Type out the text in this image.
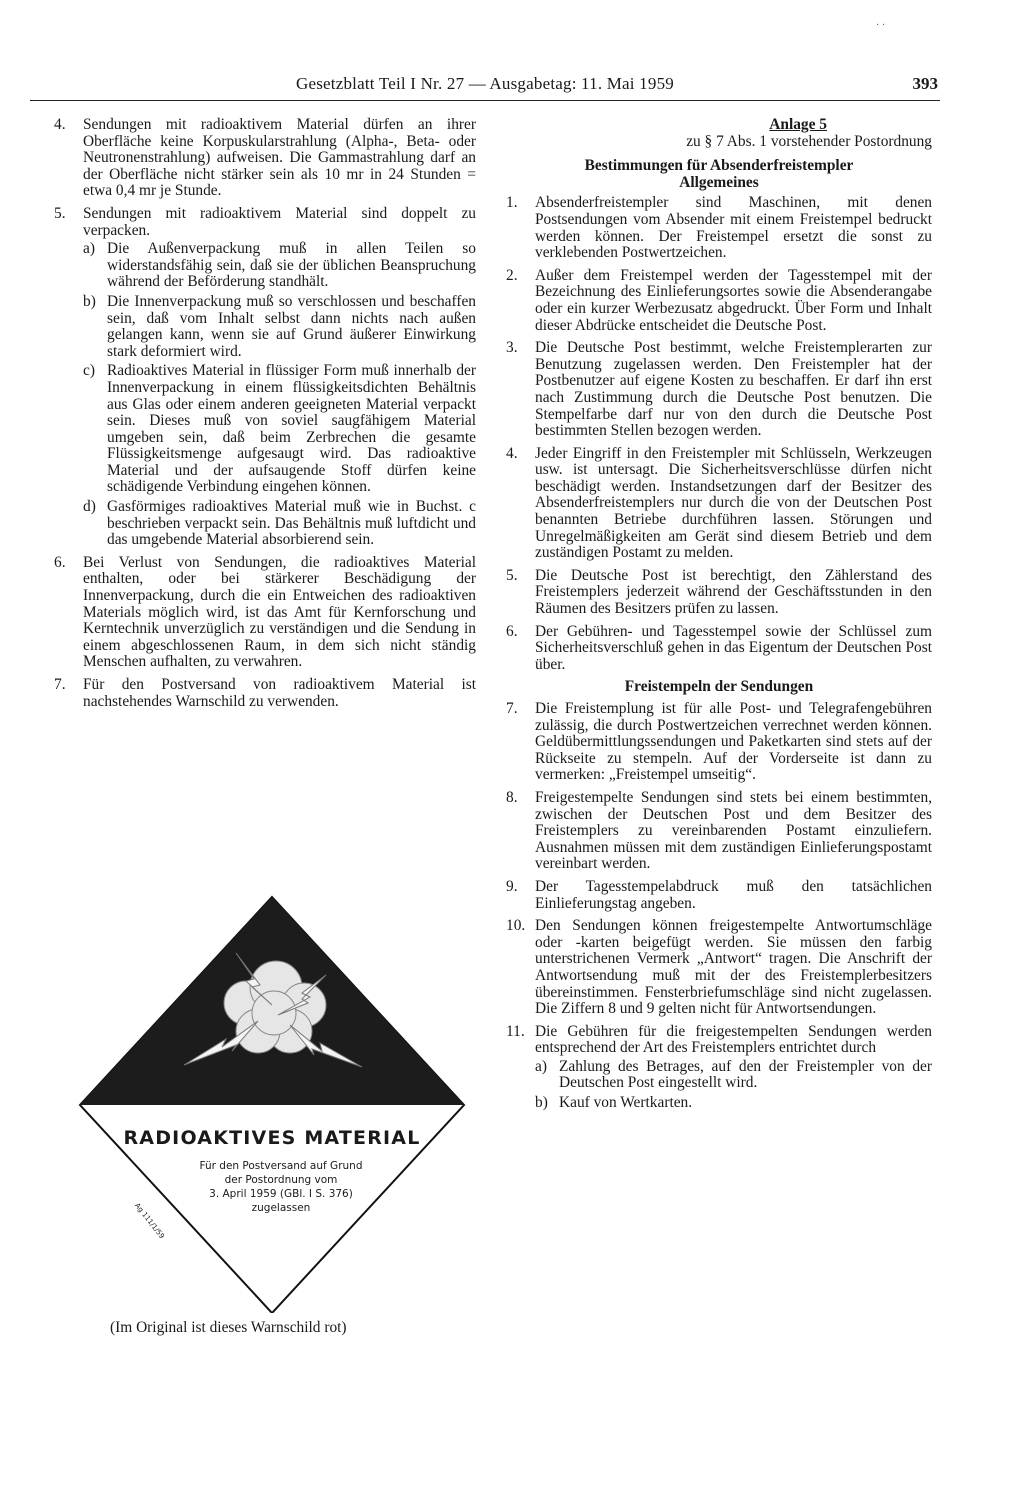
· ·
Gesetzblatt Teil I Nr. 27 — Ausgabetag: 11. Mai 1959	393
4. Sendungen mit radioaktivem Material dürfen an ihrer Oberfläche keine Korpuskularstrahlung (Alpha-, Beta- oder Neutronenstrahlung) aufweisen. Die Gammastrahlung darf an der Oberfläche nicht stärker sein als 10 mr in 24 Stunden = etwa 0,4 mr je Stunde.
5. Sendungen mit radioaktivem Material sind doppelt zu verpacken.
a) Die Außenverpackung muß in allen Teilen so widerstandsfähig sein, daß sie der üblichen Beanspruchung während der Beförderung standhält.
b) Die Innenverpackung muß so verschlossen und beschaffen sein, daß vom Inhalt selbst dann nichts nach außen gelangen kann, wenn sie auf Grund äußerer Einwirkung stark deformiert wird.
c) Radioaktives Material in flüssiger Form muß innerhalb der Innenverpackung in einem flüssigkeitsdichten Behältnis aus Glas oder einem anderen geeigneten Material verpackt sein. Dieses muß von soviel saugfähigem Material umgeben sein, daß beim Zerbrechen die gesamte Flüssigkeitsmenge aufgesaugt wird. Das radioaktive Material und der aufsaugende Stoff dürfen keine schädigende Verbindung eingehen können.
d) Gasförmiges radioaktives Material muß wie in Buchst. c beschrieben verpackt sein. Das Behältnis muß luftdicht und das umgebende Material absorbierend sein.
6. Bei Verlust von Sendungen, die radioaktives Material enthalten, oder bei stärkerer Beschädigung der Innenverpackung, durch die ein Entweichen des radioaktiven Materials möglich wird, ist das Amt für Kernforschung und Kerntechnik unverzüglich zu verständigen und die Sendung in einem abgeschlossenen Raum, in dem sich nicht ständig Menschen aufhalten, zu verwahren.
7. Für den Postversand von radioaktivem Material ist nachstehendes Warnschild zu verwenden.
RADIOAKTIVES MATERIAL
Für den Postversand auf Grund
der Postordnung vom
3. April 1959 (GBl. I S. 376)
zugelassen
Ag 111/1/59
(Im Original ist dieses Warnschild rot)
Anlage 5
zu § 7 Abs. 1 vorstehender Postordnung
Bestimmungen für Absenderfreistempler
Allgemeines
1. Absenderfreistempler sind Maschinen, mit denen Postsendungen vom Absender mit einem Freistempel bedruckt werden können. Der Freistempel ersetzt die sonst zu verklebenden Postwertzeichen.
2. Außer dem Freistempel werden der Tagesstempel mit der Bezeichnung des Einlieferungsortes sowie die Absenderangabe oder ein kurzer Werbezusatz abgedruckt. Über Form und Inhalt dieser Abdrücke entscheidet die Deutsche Post.
3. Die Deutsche Post bestimmt, welche Freistemplerarten zur Benutzung zugelassen werden. Den Freistempler hat der Postbenutzer auf eigene Kosten zu beschaffen. Er darf ihn erst nach Zustimmung durch die Deutsche Post benutzen. Die Stempelfarbe darf nur von den durch die Deutsche Post bestimmten Stellen bezogen werden.
4. Jeder Eingriff in den Freistempler mit Schlüsseln, Werkzeugen usw. ist untersagt. Die Sicherheitsverschlüsse dürfen nicht beschädigt werden. Instandsetzungen darf der Besitzer des Absenderfreistemplers nur durch die von der Deutschen Post benannten Betriebe durchführen lassen. Störungen und Unregelmäßigkeiten am Gerät sind diesem Betrieb und dem zuständigen Postamt zu melden.
5. Die Deutsche Post ist berechtigt, den Zählerstand des Freistemplers jederzeit während der Geschäftsstunden in den Räumen des Besitzers prüfen zu lassen.
6. Der Gebühren- und Tagesstempel sowie der Schlüssel zum Sicherheitsverschluß gehen in das Eigentum der Deutschen Post über.
Freistempeln der Sendungen
7. Die Freistemplung ist für alle Post- und Telegrafengebühren zulässig, die durch Postwertzeichen verrechnet werden können. Geldübermittlungssendungen und Paketkarten sind stets auf der Rückseite zu stempeln. Auf der Vorderseite ist dann zu vermerken: „Freistempel umseitig“.
8. Freigestempelte Sendungen sind stets bei einem bestimmten, zwischen der Deutschen Post und dem Besitzer des Freistemplers zu vereinbarenden Postamt einzuliefern. Ausnahmen müssen mit dem zuständigen Einlieferungspostamt vereinbart werden.
9. Der Tagesstempelabdruck muß den tatsächlichen Einlieferungstag angeben.
10. Den Sendungen können freigestempelte Antwortumschläge oder -karten beigefügt werden. Sie müssen den farbig unterstrichenen Vermerk „Antwort“ tragen. Die Anschrift der Antwortsendung muß mit der des Freistemplerbesitzers übereinstimmen. Fensterbriefumschläge sind nicht zugelassen. Die Ziffern 8 und 9 gelten nicht für Antwortsendungen.
11. Die Gebühren für die freigestempelten Sendungen werden entsprechend der Art des Freistemplers entrichtet durch
a) Zahlung des Betrages, auf den der Freistempler von der Deutschen Post eingestellt wird.
b) Kauf von Wertkarten.
